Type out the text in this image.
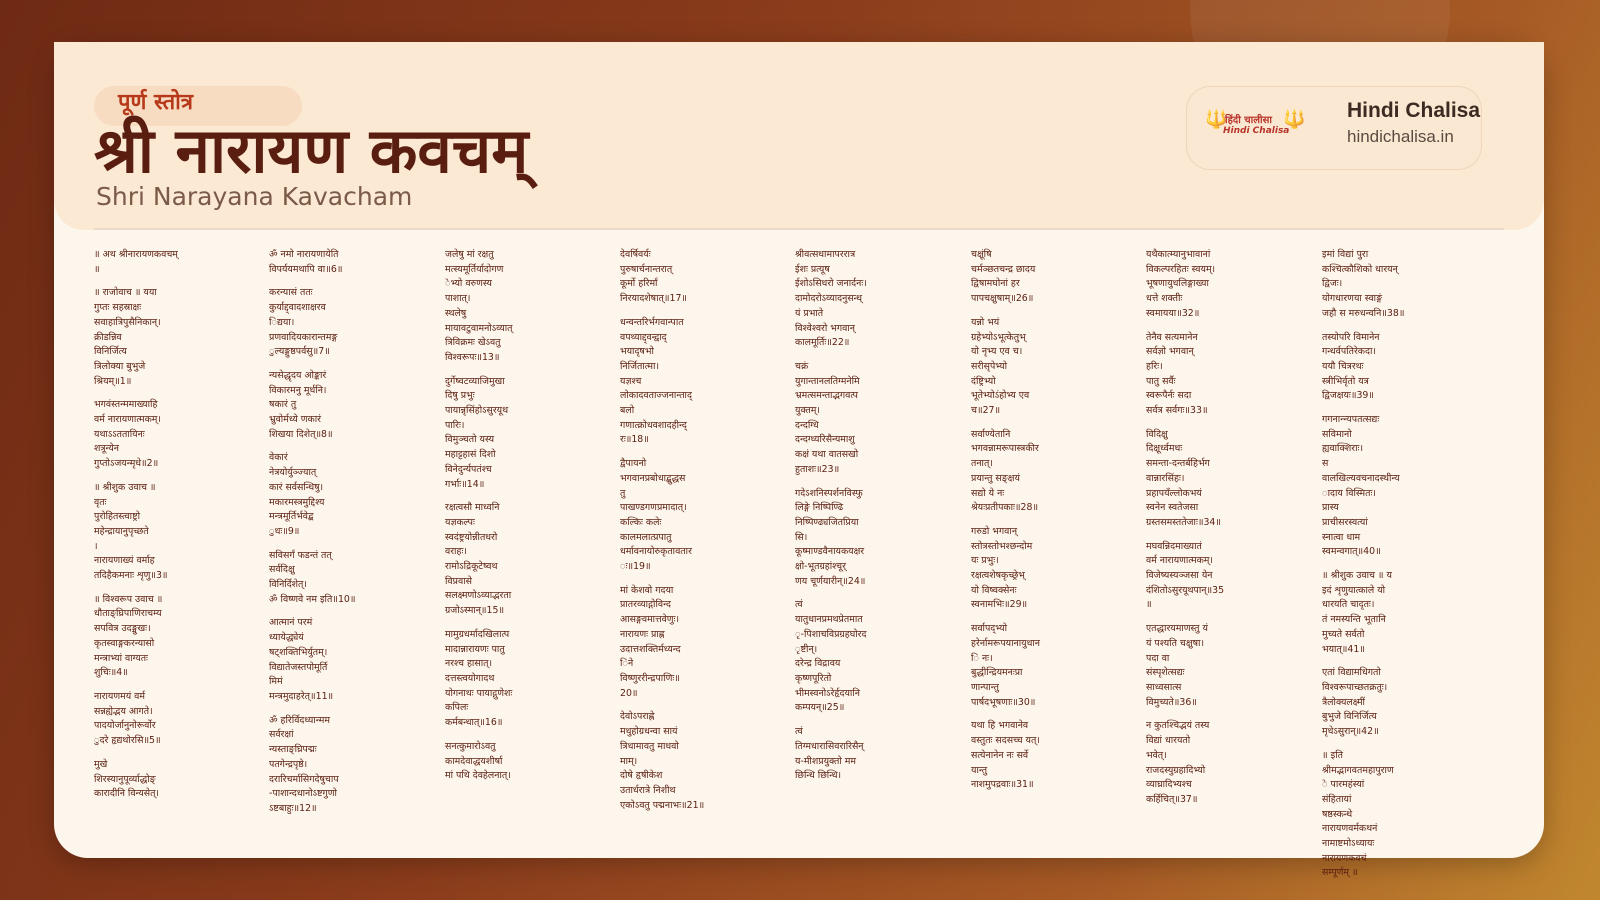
पूर्ण स्तोत्र
श्री नारायण कवचम्
Shri Narayana Kavacham
🔱
हिंदी चालीसा
Hindi Chalisa
🔱 Hindi Chalisa
hindichalisa.in
॥ अथ श्रीनारायणकवचम्
॥
॥ राजोवाच ॥ यया
गुप्तः सहस्राक्षः
सवाहात्रिपुसैनिकान्।
क्रीडन्निव
विनिर्जित्य
त्रिलोक्या बुभुजे
श्रियम्॥1॥
भगवंस्तन्ममाख्याहि
वर्म नारायणात्मकम्।
यथाऽऽततायिनः
शत्रून्येन
गुप्तोऽजयन्मृधे॥2॥
॥ श्रीशुक उवाच ॥
वृतः
पुरोहितस्त्वाष्ट्रो
महेन्द्रायानुपृच्छते
।
नारायणाख्यं वर्माह
तदिहैकमनाः शृणु॥3॥
॥ विश्वरूप उवाच ॥
धौताङ्घ्रिपाणिराचम्य
सपवित्र उदङ्मुखः।
कृतस्वाङ्गकरन्यासो
मन्त्राभ्यां वाग्यतः
शुचिः॥4॥
नारायणमयं वर्म
सन्नह्येद्भय आगते।
पादयोर्जानुनोरूर्वोर
ुदरे हृद्यथोरसि॥5॥
मुखे
शिरस्यानुपूर्व्याद्धोङ्
कारादीनि विन्यसेत्।
ॐ नमो नारायणायेति
विपर्ययमथापि वा॥6॥
करन्यासं ततः
कुर्याद्द्वादशाक्षरव
िद्यया।
प्रणवादियकारान्तमङ्ग
ुल्यङ्गुष्ठपर्वसु॥7॥
न्यसेद्धृदय ओङ्कारं
विकारमनु मूर्धनि।
षकारं तु
भ्रुवोर्मध्ये णकारं
शिखया दिशेत्॥8॥
वेकारं
नेत्रयोर्युञ्ज्यात्
कारं सर्वसन्धिषु।
मकारमस्त्रमुद्दिश्य
मन्त्रमूर्तिर्भवेद्ब
ुधः॥9॥
सविसर्गं फडन्तं तत्
सर्वदिक्षु
विनिर्दिशेत्।
ॐ विष्णवे नम इति॥10॥
आत्मानं परमं
ध्यायेद्ध्येयं
षट्शक्तिभिर्युतम्।
विद्यातेजस्तपोमूर्ति
मिमं
मन्त्रमुदाहरेत्॥11॥
ॐ हरिर्विदध्यान्मम
सर्वरक्षां
न्यस्ताङ्घ्रिपद्मः
पतगेन्द्रपृष्ठे।
दरारिचर्मासिगदेषुचाप
-पाशान्दधानोऽष्टगुणो
ऽष्टबाहुः॥12॥
जलेषु मां रक्षतु
मत्स्यमूर्तिर्यादोगण
ेभ्यो वरुणस्य
पाशात्।
स्थलेषु
मायावटुवामनोऽव्यात्
त्रिविक्रमः खेऽवतु
विश्वरूपः॥13॥
दुर्गेष्वटव्याजिमुखा
दिषु प्रभुः
पायान्नृसिंहोऽसुरयूथ
पारिः।
विमुञ्चतो यस्य
महाट्टहासं दिशो
विनेदुर्न्यपतंश्च
गर्भाः॥14॥
रक्षत्वसौ माध्वनि
यज्ञकल्पः
स्वदंष्ट्रयोन्नीतधरो
वराहः।
रामोऽद्रिकूटेष्वथ
विप्रवासे
सलक्ष्मणोऽव्याद्भरता
ग्रजोऽस्मान्॥15॥
मामुग्रधर्मादखिलात्प
मादान्नारायणः पातु
नरश्च हासात्।
दत्तस्त्वयोगादथ
योगनाथः पायाद्गुणेशः
कपिलः
कर्मबन्धात्॥16॥
सनत्कुमारोऽवतु
कामदेवाद्धयशीर्षा
मां पथि देवहेलनात्।
देवर्षिवर्यः
पुरुषार्चनान्तरात्
कूर्मो हरिर्मां
निरयादशेषात्॥17॥
धन्वन्तरिर्भगवान्पात
वपथ्याद्द्वन्द्वाद्
भयादृषभो
निर्जितात्मा।
यज्ञश्च
लोकादवताज्जनान्ताद्
बलो
गणात्क्रोधवशादहीन्द्
रः॥18॥
द्वैपायनो
भगवानप्रबोधाद्बुद्धस
तु
पाखण्डगणप्रमादात्।
कल्किः कलेः
कालमलात्प्रपातु
धर्मावनायोरुकृतावतार
ः॥19॥
मां केशवो गदया
प्रातरव्याद्गोविन्द
आसङ्गवमात्तवेणुः।
नारायणः प्राह्ण
उदात्तशक्तिर्मध्यन्द
िने
विष्णुररीन्द्रपाणिः॥
20॥
देवोऽपराह्णे
मधुहोग्रधन्वा सायं
त्रिधामावतु माधवो
माम्।
दोषे हृषीकेश
उतार्धरात्रे निशीथ
एकोऽवतु पद्मनाभः॥21॥
श्रीवत्सधामापररात्र
ईशः प्रत्यूष
ईशोऽसिधरो जनार्दनः।
दामोदरोऽव्यादनुसन्ध्
यं प्रभाते
विश्वेश्वरो भगवान्
कालमूर्तिः॥22॥
चक्रं
युगान्तानलतिग्मनेमि
भ्रमत्समन्ताद्भगवत्प
युक्तम्।
दन्दग्धि
दन्दग्ध्यरिसैन्यमाशु
कक्षं यथा वातसखो
हुताशः॥23॥
गदेऽशनिस्पर्शनविस्फु
लिङ्गे निष्पिण्ढि
निष्पिण्ढ्यजितप्रिया
सि।
कूष्माण्डवैनायकयक्षर
क्षो-भूतग्रहांश्चूर्
णय चूर्णयारीन्॥24॥
त्वं
यातुधानप्रमथप्रेतमात
ृ-पिशाचविप्रग्रहघोरद
ृष्टीन्।
दरेन्द्र विद्रावय
कृष्णपूरितो
भीमस्वनोऽरेर्हृदयानि
कम्पयन्॥25॥
त्वं
तिग्मधारासिवरारिसैन्
य-मीशप्रयुक्तो मम
छिन्धि छिन्धि।
चक्षूंषि
चर्मञ्छतचन्द्र छादय
द्विषामघोनां हर
पापचक्षुषाम्॥26॥
यन्नो भयं
ग्रहेभ्योऽभूत्केतुभ्
यो नृभ्य एव च।
सरीसृपेभ्यो
दंष्ट्रिभ्यो
भूतेभ्योऽंहोभ्य एव
च॥27॥
सर्वाण्येतानि
भगवन्नामरूपास्त्रकीर
तनात्।
प्रयान्तु सङ्क्षयं
सद्यो ये नः
श्रेयःप्रतीपकाः॥28॥
गरुडो भगवान्
स्तोत्रस्तोभश्छन्दोम
यः प्रभुः।
रक्षत्वशेषकृच्छ्रेभ्
यो विष्वक्सेनः
स्वनामभिः॥29॥
सर्वापद्भ्यो
हरेर्नामरूपयानायुधान
ि नः।
बुद्धीन्द्रियमनःप्रा
णान्पान्तु
पार्षदभूषणाः॥30॥
यथा हि भगवानेव
वस्तुतः सदसच्च यत्।
सत्येनानेन नः सर्वे
यान्तु
नाशमुपद्रवाः॥31॥
यथैकात्म्यानुभावानां
विकल्परहितः स्वयम्।
भूषणायुधलिङ्गाख्या
धत्ते शक्तीः
स्वमायया॥32॥
तेनैव सत्यमानेन
सर्वज्ञो भगवान्
हरिः।
पातु सर्वैः
स्वरूपैर्नः सदा
सर्वत्र सर्वगः॥33॥
विदिक्षु
दिक्षूर्ध्वमधः
समन्ता-दन्तर्बहिर्भग
वान्नारसिंहः।
प्रहापयँल्लोकभयं
स्वनेन स्वतेजसा
ग्रस्तसमस्ततेजाः॥34॥
मघवन्निदमाख्यातं
वर्म नारायणात्मकम्।
विजेष्यस्यञ्जसा येन
दंशितोऽसुरयूथपान्॥35
॥
एतद्धारयमाणस्तु यं
यं पश्यति चक्षुषा।
पदा वा
संस्पृशेत्सद्यः
साध्वसात्स
विमुच्यते॥36॥
न कुतश्चिद्भयं तस्य
विद्यां धारयतो
भवेत्।
राजदस्युग्रहादिभ्यो
व्याघ्रादिभ्यश्च
कर्हिचित्॥37॥
इमां विद्यां पुरा
कश्चित्कौशिको धारयन्
द्विजः।
योगधारणया स्वाङ्गं
जहौ स मरुधन्वनि॥38॥
तस्योपरि विमानेन
गन्धर्वपतिरेकदा।
ययौ चित्ररथः
स्त्रीभिर्वृतो यत्र
द्विजक्षयः॥39॥
गगनान्न्यपतत्सद्यः
सविमानो
ह्यवाक्शिराः।
स
वालखिल्यवचनादस्थीन्य
ादाय विस्मितः।
प्रास्य
प्राचीसरस्वत्यां
स्नात्वा धाम
स्वमन्वगात्॥40॥
॥ श्रीशुक उवाच ॥ य
इदं शृणुयात्काले यो
धारयति चादृतः।
तं नमस्यन्ति भूतानि
मुच्यते सर्वतो
भयात्॥41॥
एतां विद्यामधिगतो
विश्वरूपाच्छतक्रतुः।
त्रैलोक्यलक्ष्मीं
बुभुजे विनिर्जित्य
मृधेऽसुरान्॥42॥
॥ इति
श्रीमद्भागवतमहापुराण
े पारमहंस्यां
संहितायां
षष्ठस्कन्धे
नारायणवर्मकथनं
नामाष्टमोऽध्यायः
नारायणकवचं
सम्पूर्णम् ॥
